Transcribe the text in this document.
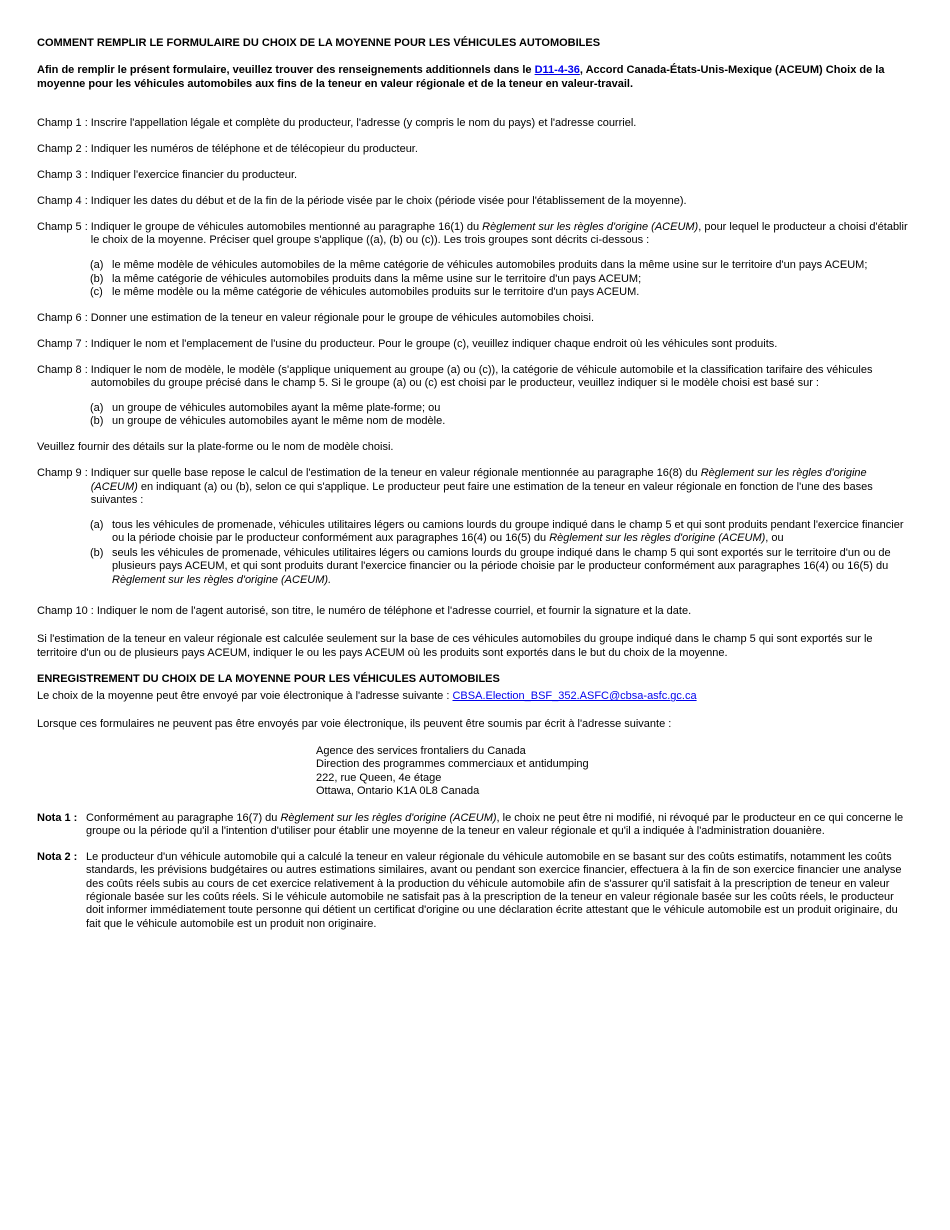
COMMENT REMPLIR LE FORMULAIRE DU CHOIX DE LA MOYENNE POUR LES VÉHICULES AUTOMOBILES

Afin de remplir le présent formulaire, veuillez trouver des renseignements additionnels dans le D11-4-36, Accord Canada-États-Unis-Mexique (ACEUM) Choix de la moyenne pour les véhicules automobiles aux fins de la teneur en valeur régionale et de la teneur en valeur-travail.

Champ 1 : Inscrire l'appellation légale et complète du producteur, l'adresse (y compris le nom du pays) et l'adresse courriel.
Champ 2 : Indiquer les numéros de téléphone et de télécopieur du producteur.
Champ 3 : Indiquer l'exercice financier du producteur.
Champ 4 : Indiquer les dates du début et de la fin de la période visée par le choix (période visée pour l'établissement de la moyenne).
Champ 5 : Indiquer le groupe de véhicules automobiles mentionné au paragraphe 16(1) du Règlement sur les règles d'origine (ACEUM), pour lequel le producteur a choisi d'établir le choix de la moyenne. Préciser quel groupe s'applique ((a), (b) ou (c)). Les trois groupes sont décrits ci-dessous :
(a) le même modèle de véhicules automobiles de la même catégorie de véhicules automobiles produits dans la même usine sur le territoire d'un pays ACEUM;
(b) la même catégorie de véhicules automobiles produits dans la même usine sur le territoire d'un pays ACEUM;
(c) le même modèle ou la même catégorie de véhicules automobiles produits sur le territoire d'un pays ACEUM.
Champ 6 : Donner une estimation de la teneur en valeur régionale pour le groupe de véhicules automobiles choisi.
Champ 7 : Indiquer le nom et l'emplacement de l'usine du producteur. Pour le groupe (c), veuillez indiquer chaque endroit où les véhicules sont produits.
Champ 8 : Indiquer le nom de modèle, le modèle (s'applique uniquement au groupe (a) ou (c)), la catégorie de véhicule automobile et la classification tarifaire des véhicules automobiles du groupe précisé dans le champ 5. Si le groupe (a) ou (c) est choisi par le producteur, veuillez indiquer si le modèle choisi est basé sur :
(a) un groupe de véhicules automobiles ayant la même plate-forme; ou
(b) un groupe de véhicules automobiles ayant le même nom de modèle.

Veuillez fournir des détails sur la plate-forme ou le nom de modèle choisi.

Champ 9 : Indiquer sur quelle base repose le calcul de l'estimation de la teneur en valeur régionale mentionnée au paragraphe 16(8) du Règlement sur les règles d'origine (ACEUM) en indiquant (a) ou (b), selon ce qui s'applique. Le producteur peut faire une estimation de la teneur en valeur régionale en fonction de l'une des bases suivantes :
(a) tous les véhicules de promenade, véhicules utilitaires légers ou camions lourds du groupe indiqué dans le champ 5 et qui sont produits pendant l'exercice financier ou la période choisie par le producteur conformément aux paragraphes 16(4) ou 16(5) du Règlement sur les règles d'origine (ACEUM), ou
(b) seuls les véhicules de promenade, véhicules utilitaires légers ou camions lourds du groupe indiqué dans le champ 5 qui sont exportés sur le territoire d'un ou de plusieurs pays ACEUM, et qui sont produits durant l'exercice financier ou la période choisie par le producteur conformément aux paragraphes 16(4) ou 16(5) du Règlement sur les règles d'origine (ACEUM).
Champ 10 : Indiquer le nom de l'agent autorisé, son titre, le numéro de téléphone et l'adresse courriel, et fournir la signature et la date.

Si l'estimation de la teneur en valeur régionale est calculée seulement sur la base de ces véhicules automobiles du groupe indiqué dans le champ 5 qui sont exportés sur le territoire d'un ou de plusieurs pays ACEUM, indiquer le ou les pays ACEUM où les produits sont exportés dans le but du choix de la moyenne.

ENREGISTREMENT DU CHOIX DE LA MOYENNE POUR LES VÉHICULES AUTOMOBILES

Le choix de la moyenne peut être envoyé par voie électronique à l'adresse suivante : CBSA.Election_BSF_352.ASFC@cbsa-asfc.gc.ca

Lorsque ces formulaires ne peuvent pas être envoyés par voie électronique, ils peuvent être soumis par écrit à l'adresse suivante :

Agence des services frontaliers du Canada
Direction des programmes commerciaux et antidumping
222, rue Queen, 4e étage
Ottawa, Ontario K1A 0L8 Canada
Nota 1 : Conformément au paragraphe 16(7) du Règlement sur les règles d'origine (ACEUM), le choix ne peut être ni modifié, ni révoqué par le producteur en ce qui concerne le groupe ou la période qu'il a l'intention d'utiliser pour établir une moyenne de la teneur en valeur régionale et qu'il a indiquée à l'administration douanière.
Nota 2 : Le producteur d'un véhicule automobile qui a calculé la teneur en valeur régionale du véhicule automobile en se basant sur des coûts estimatifs, notamment les coûts standards, les prévisions budgétaires ou autres estimations similaires, avant ou pendant son exercice financier, effectuera à la fin de son exercice financier une analyse des coûts réels subis au cours de cet exercice relativement à la production du véhicule automobile afin de s'assurer qu'il satisfait à la prescription de teneur en valeur régionale basée sur les coûts réels. Si le véhicule automobile ne satisfait pas à la prescription de la teneur en valeur régionale basée sur les coûts réels, le producteur doit informer immédiatement toute personne qui détient un certificat d'origine ou une déclaration écrite attestant que le véhicule automobile est un produit originaire, du fait que le véhicule automobile est un produit non originaire.
